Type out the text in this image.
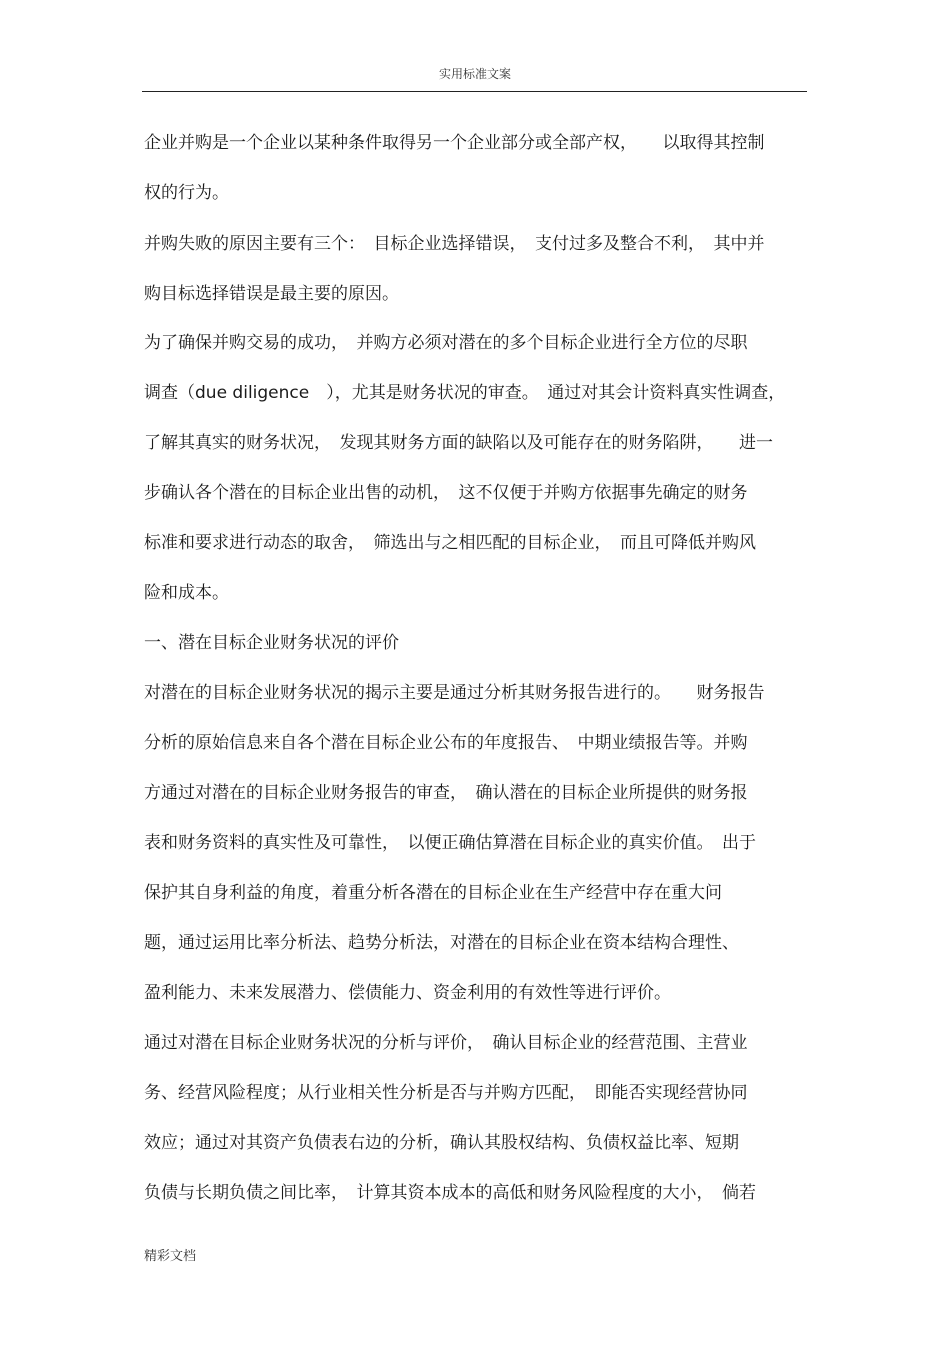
实用标准文案
企业并购是一个企业以某种条件取得另一个企业部分或全部产权，　　以取得其控制
权的行为。
并购失败的原因主要有三个：　目标企业选择错误，　支付过多及整合不利，　其中并
购目标选择错误是最主要的原因。
为了确保并购交易的成功，　并购方必须对潜在的多个目标企业进行全方位的尽职
调查（due diligence　），尤其是财务状况的审查。　通过对其会计资料真实性调查，
了解其真实的财务状况，　发现其财务方面的缺陷以及可能存在的财务陷阱，　　进一
步确认各个潜在的目标企业出售的动机，　这不仅便于并购方依据事先确定的财务
标准和要求进行动态的取舍，　筛选出与之相匹配的目标企业，　而且可降低并购风
险和成本。
一、潜在目标企业财务状况的评价
对潜在的目标企业财务状况的揭示主要是通过分析其财务报告进行的。　　财务报告
分析的原始信息来自各个潜在目标企业公布的年度报告、　中期业绩报告等。并购
方通过对潜在的目标企业财务报告的审查，　确认潜在的目标企业所提供的财务报
表和财务资料的真实性及可靠性，　以便正确估算潜在目标企业的真实价值。　出于
保护其自身利益的角度，着重分析各潜在的目标企业在生产经营中存在重大问
题，通过运用比率分析法、趋势分析法，对潜在的目标企业在资本结构合理性、
盈利能力、未来发展潜力、偿债能力、资金利用的有效性等进行评价。
通过对潜在目标企业财务状况的分析与评价，　确认目标企业的经营范围、主营业
务、经营风险程度；从行业相关性分析是否与并购方匹配，　即能否实现经营协同
效应；通过对其资产负债表右边的分析，确认其股权结构、负债权益比率、短期
负债与长期负债之间比率，　计算其资本成本的高低和财务风险程度的大小，　倘若
精彩文档
